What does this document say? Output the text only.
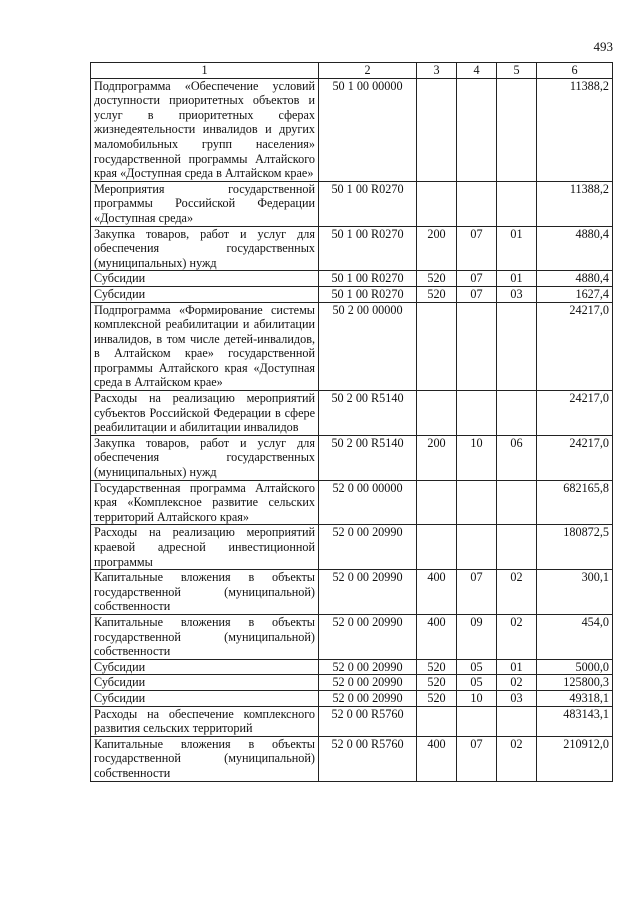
493
1	2	3	4	5	6
Подпрограмма «Обеспечение условий доступности приоритетных объектов и услуг в приоритетных сферах жизнедеятельности инвалидов и других маломобильных групп населения» государственной программы Алтайского края «Доступная среда в Алтайском крае»	50 1 00 00000				11388,2
Мероприятия государственной программы Российской Федерации «Доступная среда»	50 1 00 R0270				11388,2
Закупка товаров, работ и услуг для обеспечения государственных (муниципальных) нужд	50 1 00 R0270	200	07	01	4880,4
Субсидии	50 1 00 R0270	520	07	01	4880,4
Субсидии	50 1 00 R0270	520	07	03	1627,4
Подпрограмма «Формирование системы комплексной реабилитации и абилитации инвалидов, в том числе детей-инвалидов, в Алтайском крае» государственной программы Алтайского края «Доступная среда в Алтайском крае»	50 2 00 00000				24217,0
Расходы на реализацию мероприятий субъектов Российской Федерации в сфере реабилитации и абилитации инвалидов	50 2 00 R5140				24217,0
Закупка товаров, работ и услуг для обеспечения государственных (муниципальных) нужд	50 2 00 R5140	200	10	06	24217,0
Государственная программа Алтайского края «Комплексное развитие сельских территорий Алтайского края»	52 0 00 00000				682165,8
Расходы на реализацию мероприятий краевой адресной инвестиционной программы	52 0 00 20990				180872,5
Капитальные вложения в объекты государственной (муниципальной) собственности	52 0 00 20990	400	07	02	300,1
Капитальные вложения в объекты государственной (муниципальной) собственности	52 0 00 20990	400	09	02	454,0
Субсидии	52 0 00 20990	520	05	01	5000,0
Субсидии	52 0 00 20990	520	05	02	125800,3
Субсидии	52 0 00 20990	520	10	03	49318,1
Расходы на обеспечение комплексного развития сельских территорий	52 0 00 R5760				483143,1
Капитальные вложения в объекты государственной (муниципальной) собственности	52 0 00 R5760	400	07	02	210912,0
